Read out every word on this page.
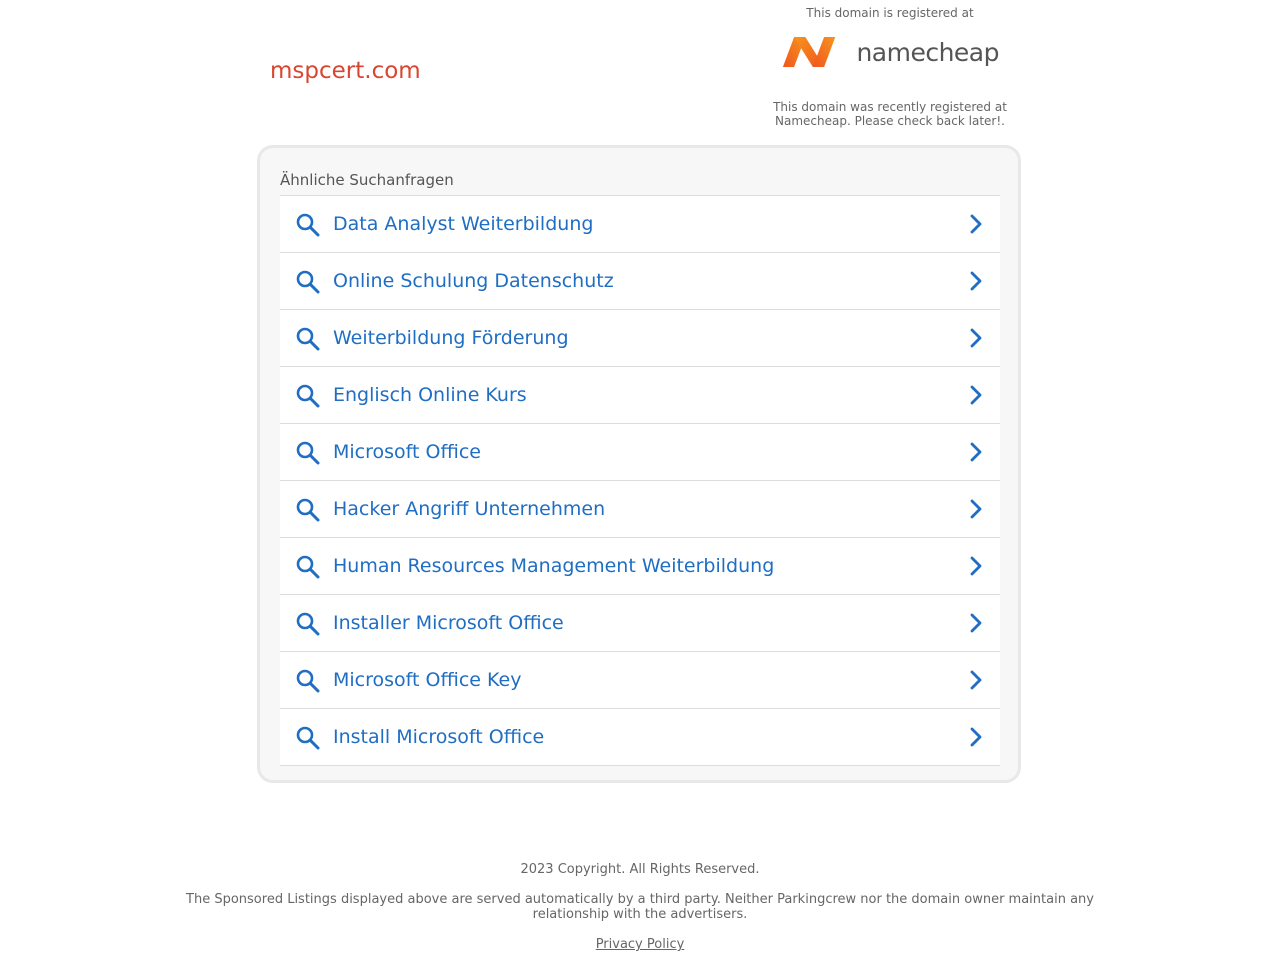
mspcert.com
This domain is registered at
namecheap
This domain was recently registered at
Namecheap. Please check back later!.
Ähnliche Suchanfragen
Data Analyst Weiterbildung
Online Schulung Datenschutz
Weiterbildung Förderung
Englisch Online Kurs
Microsoft Office
Hacker Angriff Unternehmen
Human Resources Management Weiterbildung
Installer Microsoft Office
Microsoft Office Key
Install Microsoft Office
2023 Copyright. All Rights Reserved.
The Sponsored Listings displayed above are served automatically by a third party. Neither Parkingcrew nor the domain owner maintain any relationship with the advertisers.
Privacy Policy
